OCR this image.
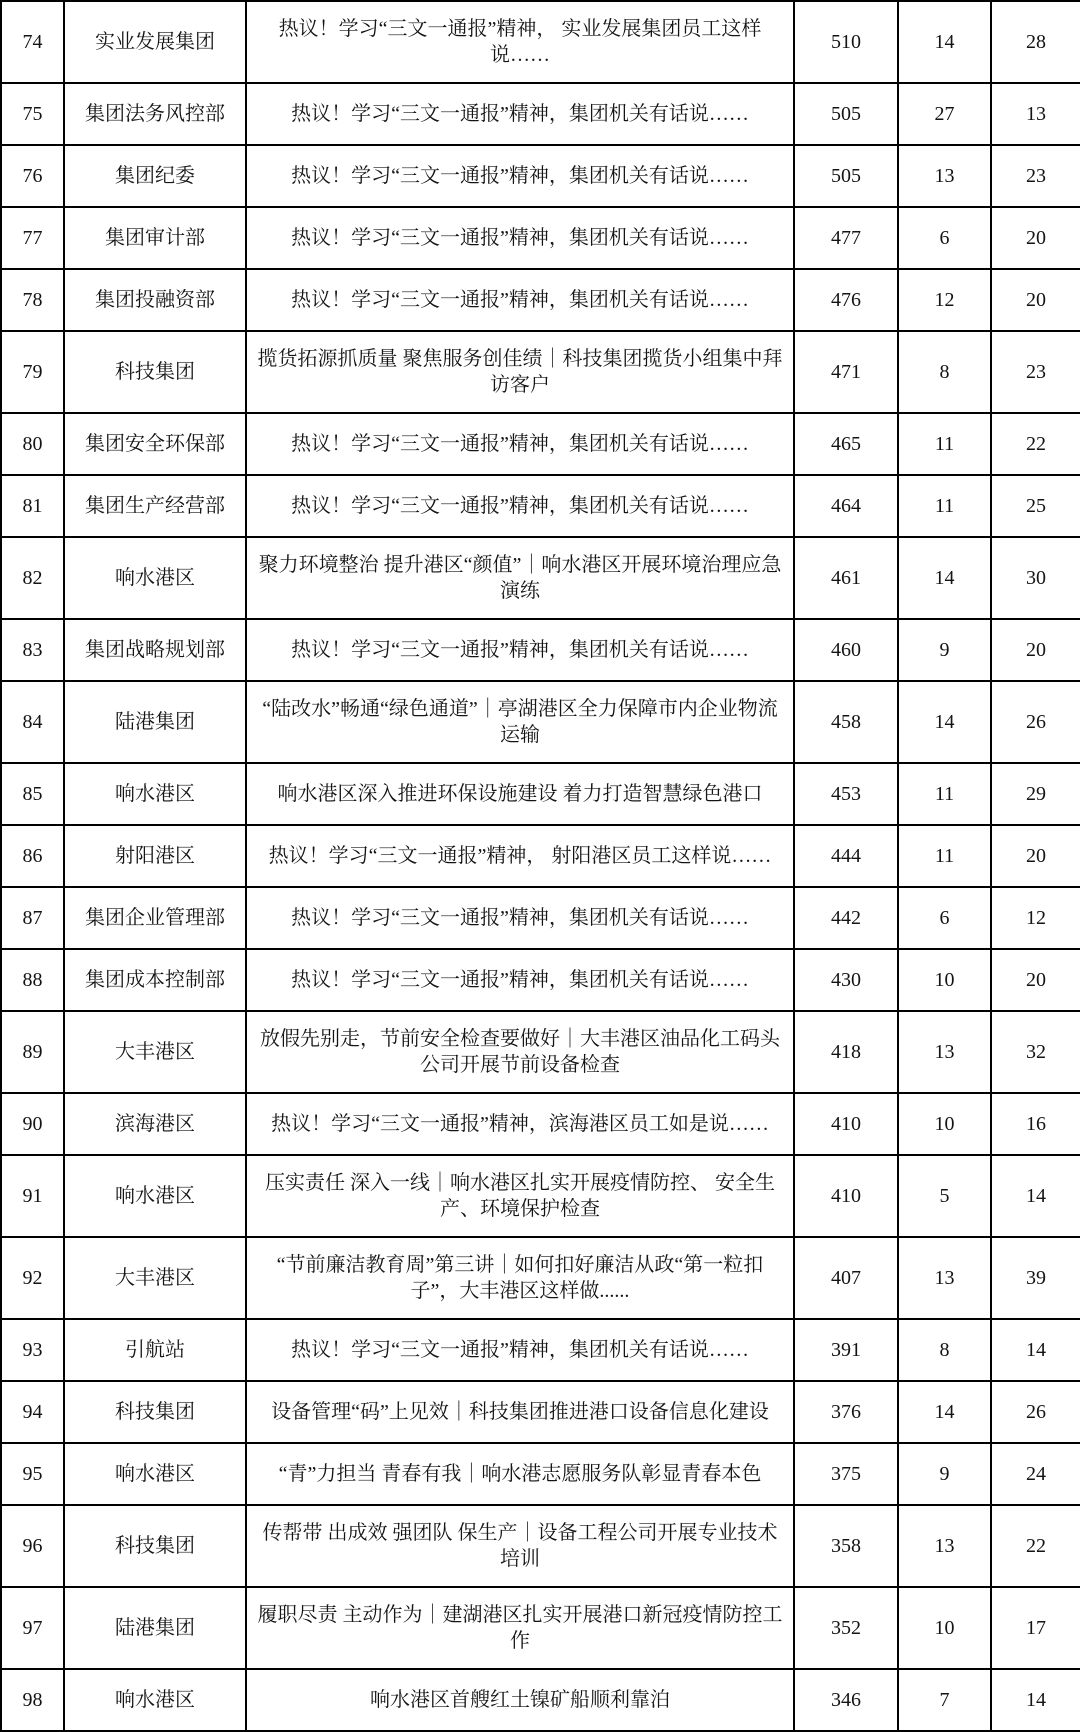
74	实业发展集团	热议！学习“三文一通报”精神， 实业发展集团员工这样说……	510	14	28
75	集团法务风控部	热议！学习“三文一通报”精神，集团机关有话说……	505	27	13
76	集团纪委	热议！学习“三文一通报”精神，集团机关有话说……	505	13	23
77	集团审计部	热议！学习“三文一通报”精神，集团机关有话说……	477	6	20
78	集团投融资部	热议！学习“三文一通报”精神，集团机关有话说……	476	12	20
79	科技集团	揽货拓源抓质量 聚焦服务创佳绩｜科技集团揽货小组集中拜访客户	471	8	23
80	集团安全环保部	热议！学习“三文一通报”精神，集团机关有话说……	465	11	22
81	集团生产经营部	热议！学习“三文一通报”精神，集团机关有话说……	464	11	25
82	响水港区	聚力环境整治 提升港区“颜值”｜响水港区开展环境治理应急演练	461	14	30
83	集团战略规划部	热议！学习“三文一通报”精神，集团机关有话说……	460	9	20
84	陆港集团	“陆改水”畅通“绿色通道”｜亭湖港区全力保障市内企业物流运输	458	14	26
85	响水港区	响水港区深入推进环保设施建设 着力打造智慧绿色港口	453	11	29
86	射阳港区	热议！学习“三文一通报”精神， 射阳港区员工这样说……	444	11	20
87	集团企业管理部	热议！学习“三文一通报”精神，集团机关有话说……	442	6	12
88	集团成本控制部	热议！学习“三文一通报”精神，集团机关有话说……	430	10	20
89	大丰港区	放假先别走，节前安全检查要做好｜大丰港区油品化工码头公司开展节前设备检查	418	13	32
90	滨海港区	热议！学习“三文一通报”精神，滨海港区员工如是说……	410	10	16
91	响水港区	压实责任 深入一线｜响水港区扎实开展疫情防控、 安全生产、环境保护检查	410	5	14
92	大丰港区	“节前廉洁教育周”第三讲｜如何扣好廉洁从政“第一粒扣子”，大丰港区这样做......	407	13	39
93	引航站	热议！学习“三文一通报”精神，集团机关有话说……	391	8	14
94	科技集团	设备管理“码”上见效｜科技集团推进港口设备信息化建设	376	14	26
95	响水港区	“青”力担当 青春有我｜响水港志愿服务队彰显青春本色	375	9	24
96	科技集团	传帮带 出成效 强团队 保生产｜设备工程公司开展专业技术培训	358	13	22
97	陆港集团	履职尽责 主动作为｜建湖港区扎实开展港口新冠疫情防控工作	352	10	17
98	响水港区	响水港区首艘红土镍矿船顺利靠泊	346	7	14
